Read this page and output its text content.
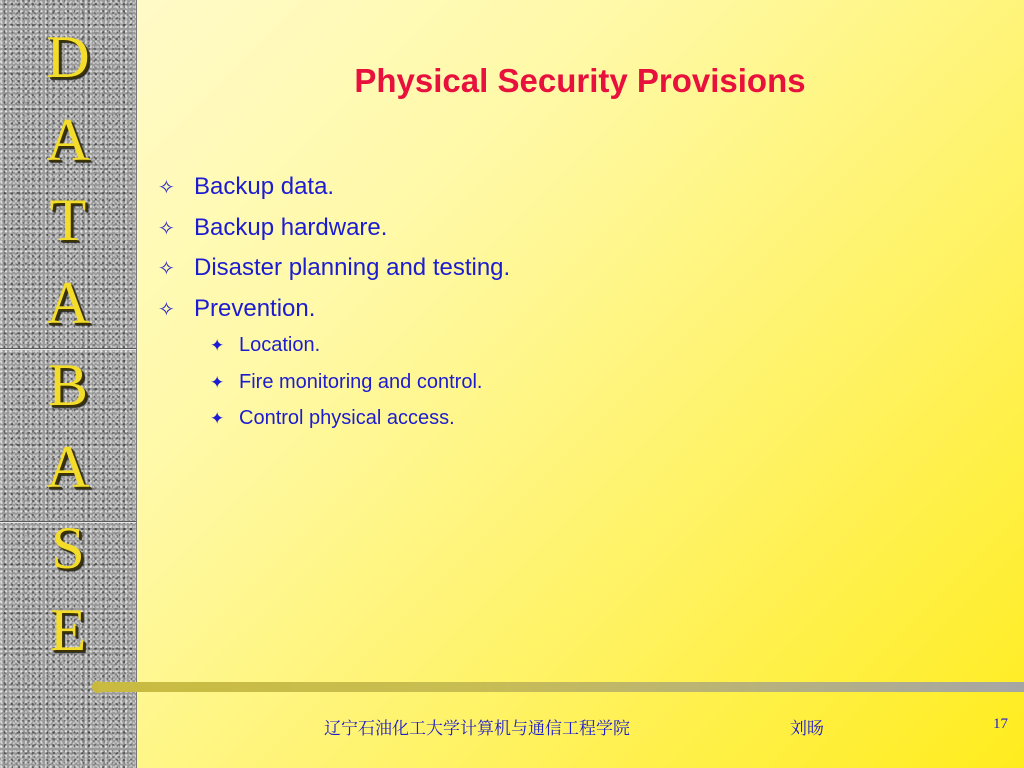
D
A
T
A
B
A
S
E
Physical Security Provisions
✧ Backup data.
✧ Backup hardware.
✧ Disaster planning and testing.
✧ Prevention.
✦ Location.
✦ Fire monitoring and control.
✦ Control physical access.
辽宁石油化工大学计算机与通信工程学院	刘旸	17
